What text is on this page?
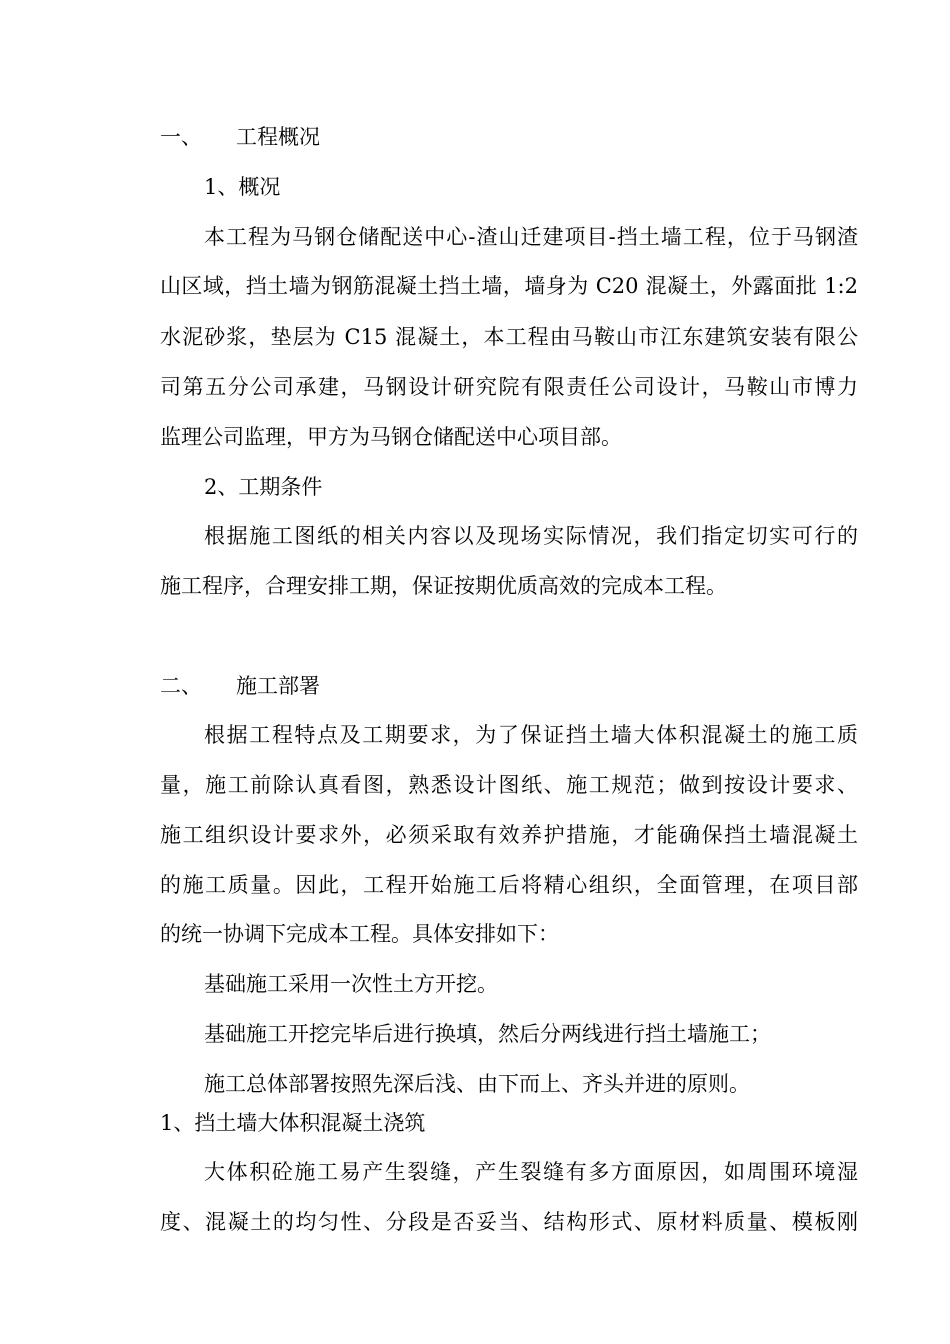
一、 工程概况

1、概况

本工程为马钢仓储配送中心-渣山迁建项目-挡土墙工程，位于马钢渣

山区域，挡土墙为钢筋混凝土挡土墙，墙身为 C20 混凝土，外露面批 1:2

水泥砂浆，垫层为 C15 混凝土，本工程由马鞍山市江东建筑安装有限公

司第五分公司承建，马钢设计研究院有限责任公司设计，马鞍山市博力

监理公司监理，甲方为马钢仓储配送中心项目部。

2、工期条件

根据施工图纸的相关内容以及现场实际情况，我们指定切实可行的

施工程序，合理安排工期，保证按期优质高效的完成本工程。

二、 施工部署

根据工程特点及工期要求，为了保证挡土墙大体积混凝土的施工质

量，施工前除认真看图，熟悉设计图纸、施工规范；做到按设计要求、

施工组织设计要求外，必须采取有效养护措施，才能确保挡土墙混凝土

的施工质量。因此，工程开始施工后将精心组织，全面管理，在项目部

的统一协调下完成本工程。具体安排如下：

基础施工采用一次性土方开挖。

基础施工开挖完毕后进行换填，然后分两线进行挡土墙施工；

施工总体部署按照先深后浅、由下而上、齐头并进的原则。

1、挡土墙大体积混凝土浇筑

大体积砼施工易产生裂缝，产生裂缝有多方面原因，如周围环境湿

度、混凝土的均匀性、分段是否妥当、结构形式、原材料质量、模板刚
